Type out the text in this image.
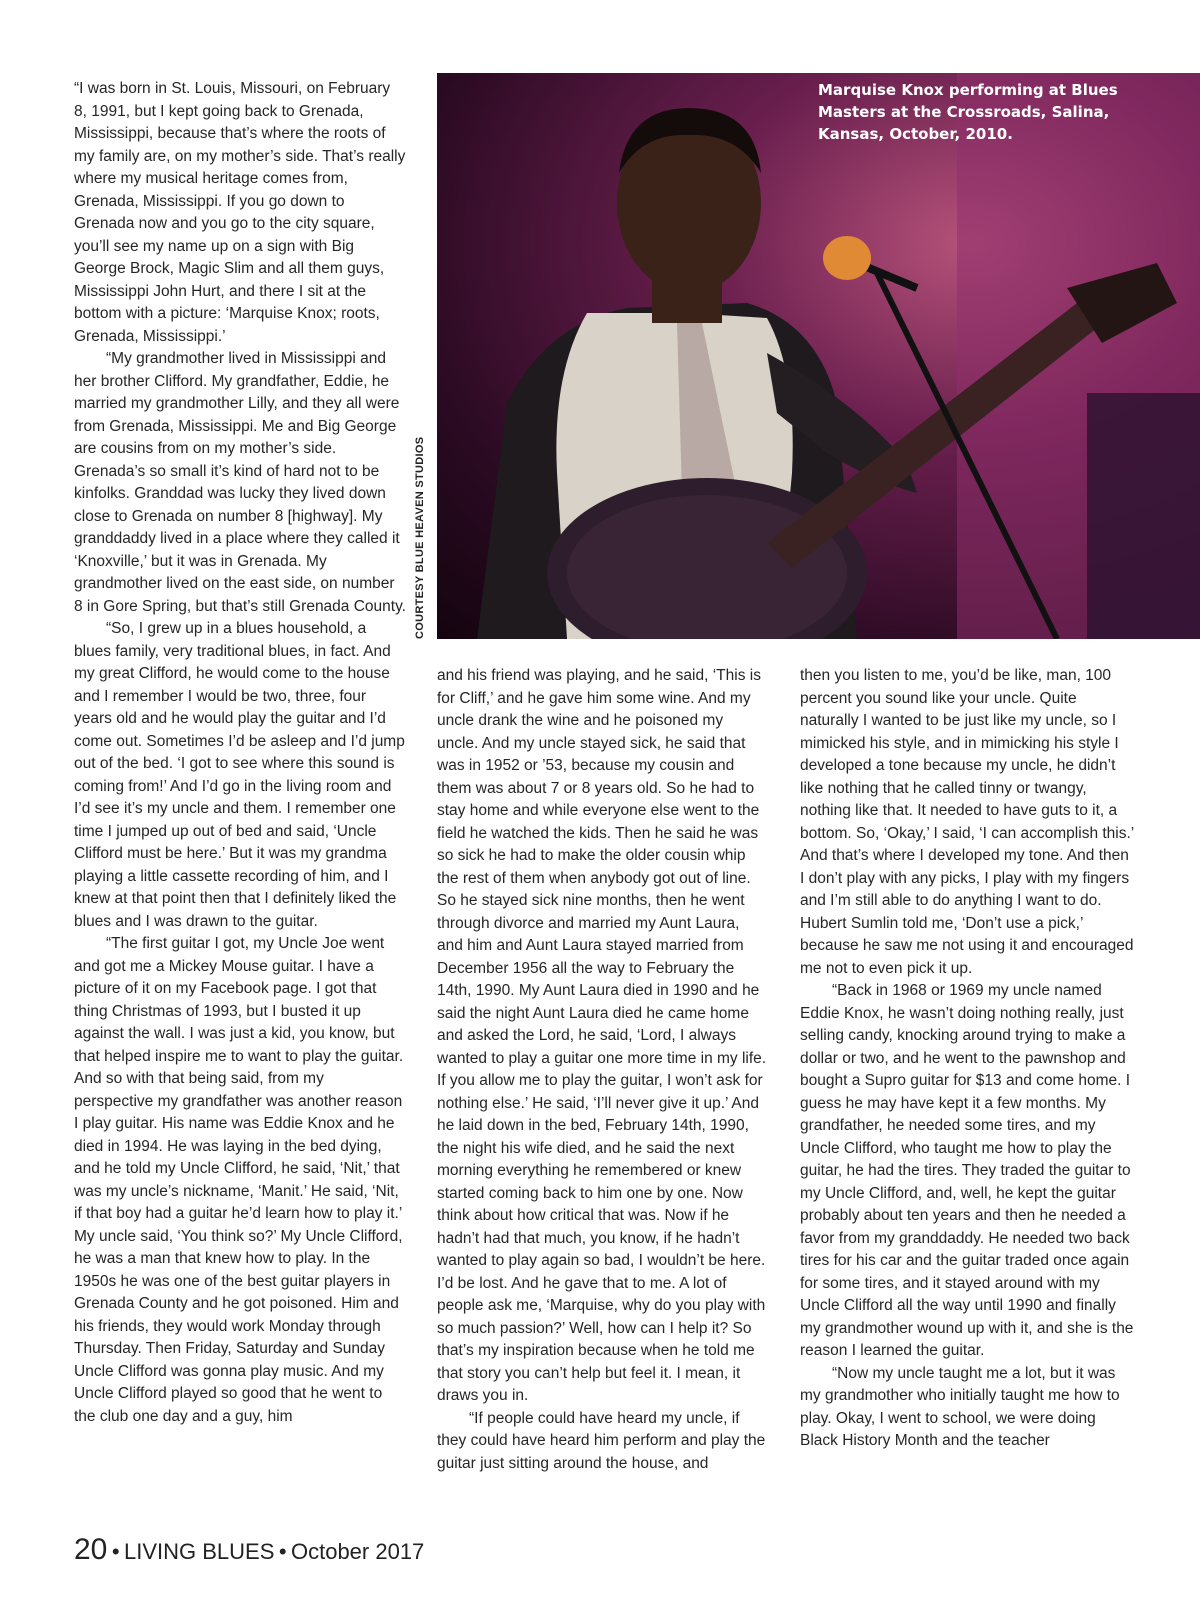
“I was born in St. Louis, Missouri, on February 8, 1991, but I kept going back to Grenada, Mississippi, because that’s where the roots of my family are, on my mother’s side. That’s really where my musical heritage comes from, Grenada, Mississippi. If you go down to Grenada now and you go to the city square, you’ll see my name up on a sign with Big George Brock, Magic Slim and all them guys, Mississippi John Hurt, and there I sit at the bottom with a picture: ‘Marquise Knox; roots, Grenada, Mississippi.’

“My grandmother lived in Mississippi and her brother Clifford. My grandfather, Eddie, he married my grandmother Lilly, and they all were from Grenada, Mississippi. Me and Big George are cousins from on my mother’s side. Grenada’s so small it’s kind of hard not to be kinfolks. Granddad was lucky they lived down close to Grenada on number 8 [highway]. My granddaddy lived in a place where they called it ‘Knoxville,’ but it was in Grenada. My grandmother lived on the east side, on number 8 in Gore Spring, but that’s still Grenada County.

“So, I grew up in a blues household, a blues family, very traditional blues, in fact. And my great Clifford, he would come to the house and I remember I would be two, three, four years old and he would play the guitar and I’d come out. Sometimes I’d be asleep and I’d jump out of the bed. ‘I got to see where this sound is coming from!’ And I’d go in the living room and I’d see it’s my uncle and them. I remember one time I jumped up out of bed and said, ‘Uncle Clifford must be here.’ But it was my grandma playing a little cassette recording of him, and I knew at that point then that I definitely liked the blues and I was drawn to the guitar.

“The first guitar I got, my Uncle Joe went and got me a Mickey Mouse guitar. I have a picture of it on my Facebook page. I got that thing Christmas of 1993, but I busted it up against the wall. I was just a kid, you know, but that helped inspire me to want to play the guitar. And so with that being said, from my perspective my grandfather was another reason I play guitar. His name was Eddie Knox and he died in 1994. He was laying in the bed dying, and he told my Uncle Clifford, he said, ‘Nit,’ that was my uncle’s nickname, ‘Manit.’ He said, ‘Nit, if that boy had a guitar he’d learn how to play it.’ My uncle said, ‘You think so?’ My Uncle Clifford, he was a man that knew how to play. In the 1950s he was one of the best guitar players in Grenada County and he got poisoned. Him and his friends, they would work Monday through Thursday. Then Friday, Saturday and Sunday Uncle Clifford was gonna play music. And my Uncle Clifford played so good that he went to the club one day and a guy, him

Marquise Knox performing at Blues Masters at the Crossroads, Salina, Kansas, October, 2010.
COURTESY BLUE HEAVEN STUDIOS

and his friend was playing, and he said, ‘This is for Cliff,’ and he gave him some wine. And my uncle drank the wine and he poisoned my uncle. And my uncle stayed sick, he said that was in 1952 or ’53, because my cousin and them was about 7 or 8 years old. So he had to stay home and while everyone else went to the field he watched the kids. Then he said he was so sick he had to make the older cousin whip the rest of them when anybody got out of line. So he stayed sick nine months, then he went through divorce and married my Aunt Laura, and him and Aunt Laura stayed married from December 1956 all the way to February the 14th, 1990. My Aunt Laura died in 1990 and he said the night Aunt Laura died he came home and asked the Lord, he said, ‘Lord, I always wanted to play a guitar one more time in my life. If you allow me to play the guitar, I won’t ask for nothing else.’ He said, ‘I’ll never give it up.’ And he laid down in the bed, February 14th, 1990, the night his wife died, and he said the next morning everything he remembered or knew started coming back to him one by one. Now think about how critical that was. Now if he hadn’t had that much, you know, if he hadn’t wanted to play again so bad, I wouldn’t be here. I’d be lost. And he gave that to me. A lot of people ask me, ‘Marquise, why do you play with so much passion?’ Well, how can I help it? So that’s my inspiration because when he told me that story you can’t help but feel it. I mean, it draws you in.

“If people could have heard my uncle, if they could have heard him perform and play the guitar just sitting around the house, and

then you listen to me, you’d be like, man, 100 percent you sound like your uncle. Quite naturally I wanted to be just like my uncle, so I mimicked his style, and in mimicking his style I developed a tone because my uncle, he didn’t like nothing that he called tinny or twangy, nothing like that. It needed to have guts to it, a bottom. So, ‘Okay,’ I said, ‘I can accomplish this.’ And that’s where I developed my tone. And then I don’t play with any picks, I play with my fingers and I’m still able to do anything I want to do. Hubert Sumlin told me, ‘Don’t use a pick,’ because he saw me not using it and encouraged me not to even pick it up.

“Back in 1968 or 1969 my uncle named Eddie Knox, he wasn’t doing nothing really, just selling candy, knocking around trying to make a dollar or two, and he went to the pawnshop and bought a Supro guitar for $13 and come home. I guess he may have kept it a few months. My grandfather, he needed some tires, and my Uncle Clifford, who taught me how to play the guitar, he had the tires. They traded the guitar to my Uncle Clifford, and, well, he kept the guitar probably about ten years and then he needed a favor from my granddaddy. He needed two back tires for his car and the guitar traded once again for some tires, and it stayed around with my Uncle Clifford all the way until 1990 and finally my grandmother wound up with it, and she is the reason I learned the guitar.

“Now my uncle taught me a lot, but it was my grandmother who initially taught me how to play. Okay, I went to school, we were doing Black History Month and the teacher

20 • LIVING BLUES • October 2017
